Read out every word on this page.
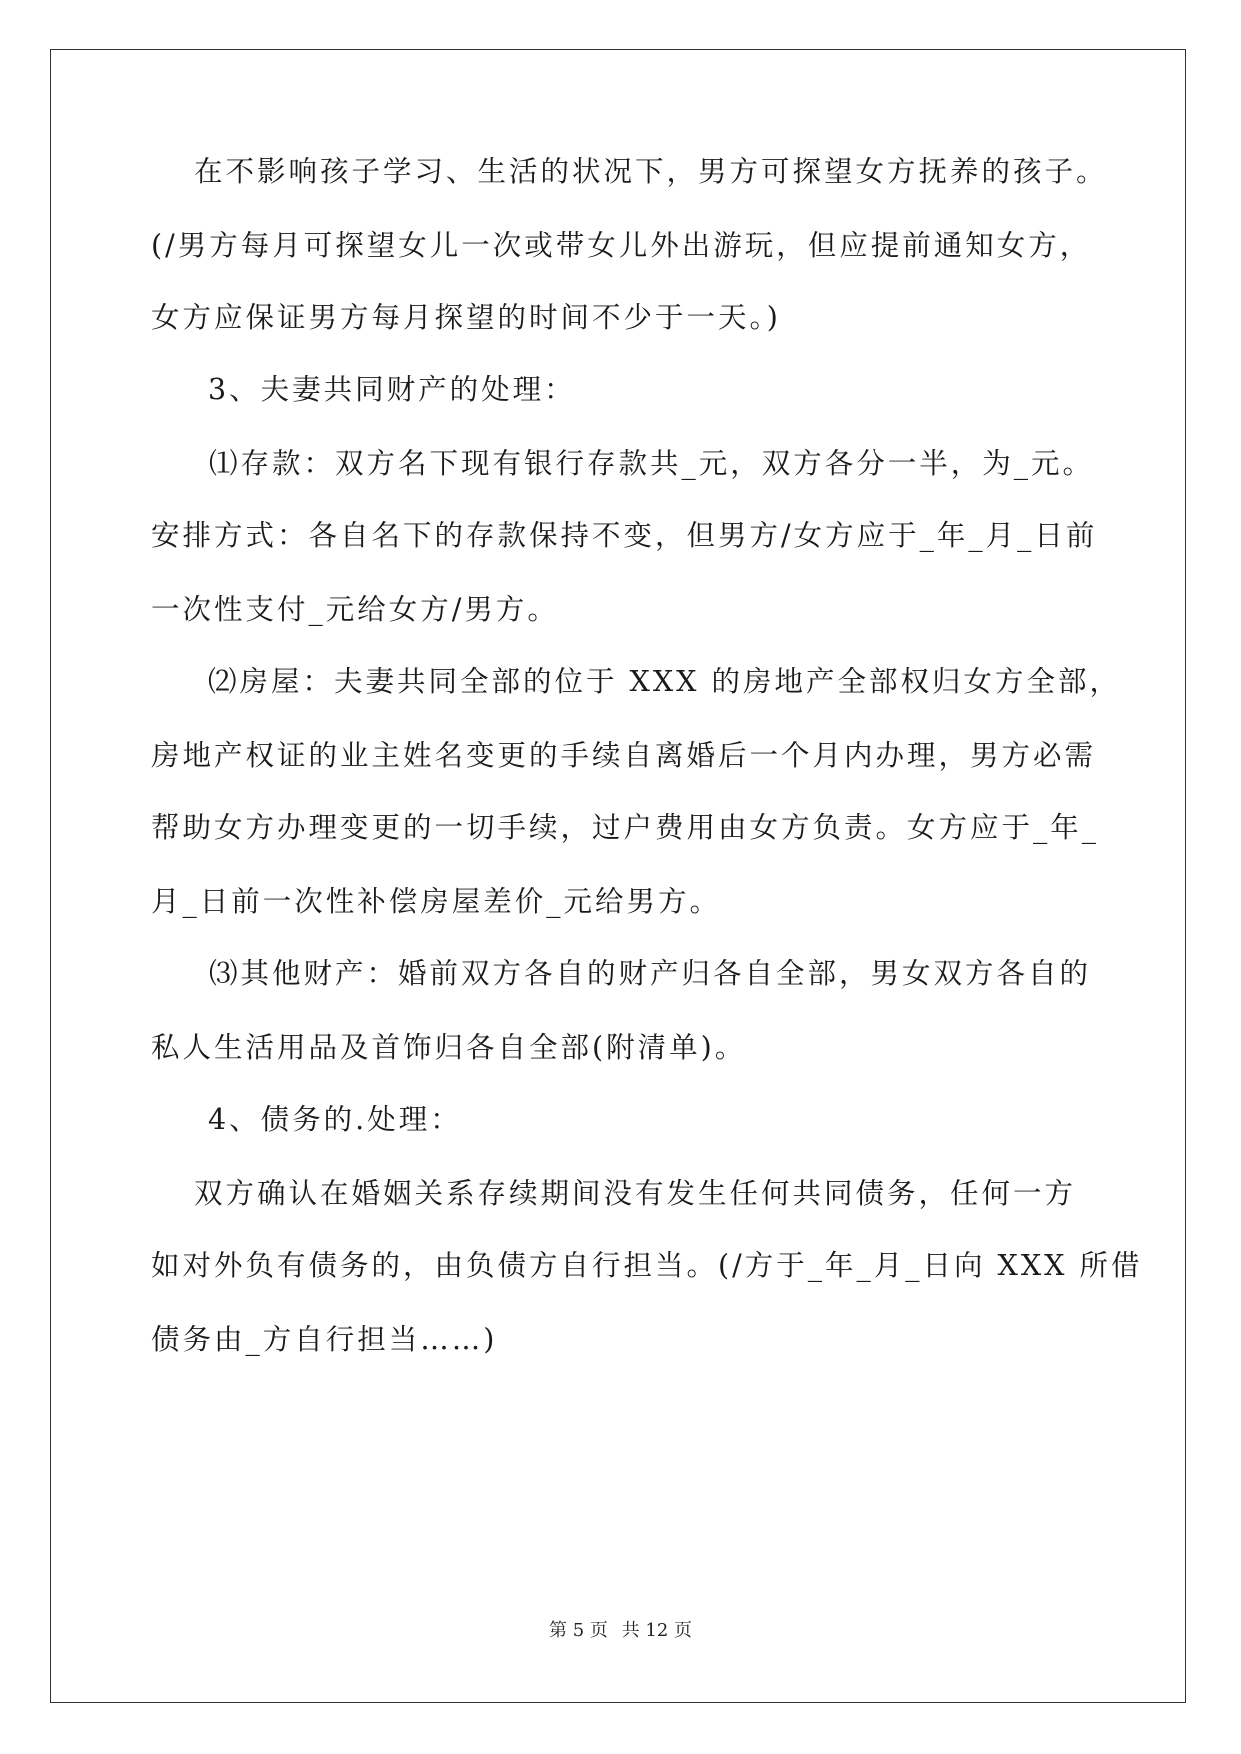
在不影响孩子学习、生活的状况下，男方可探望女方抚养的孩子。
(/男方每月可探望女儿一次或带女儿外出游玩，但应提前通知女方，
女方应保证男方每月探望的时间不少于一天。)
3、夫妻共同财产的处理：
⑴存款：双方名下现有银行存款共_元，双方各分一半，为_元。
安排方式：各自名下的存款保持不变，但男方/女方应于_年_月_日前
一次性支付_元给女方/男方。
⑵房屋：夫妻共同全部的位于 XXX 的房地产全部权归女方全部，
房地产权证的业主姓名变更的手续自离婚后一个月内办理，男方必需
帮助女方办理变更的一切手续，过户费用由女方负责。女方应于_年_
月_日前一次性补偿房屋差价_元给男方。
⑶其他财产：婚前双方各自的财产归各自全部，男女双方各自的
私人生活用品及首饰归各自全部(附清单)。
4、债务的.处理：
双方确认在婚姻关系存续期间没有发生任何共同债务，任何一方
如对外负有债务的，由负债方自行担当。(/方于_年_月_日向 XXX 所借
债务由_方自行担当……)
第 5 页 共 12 页
